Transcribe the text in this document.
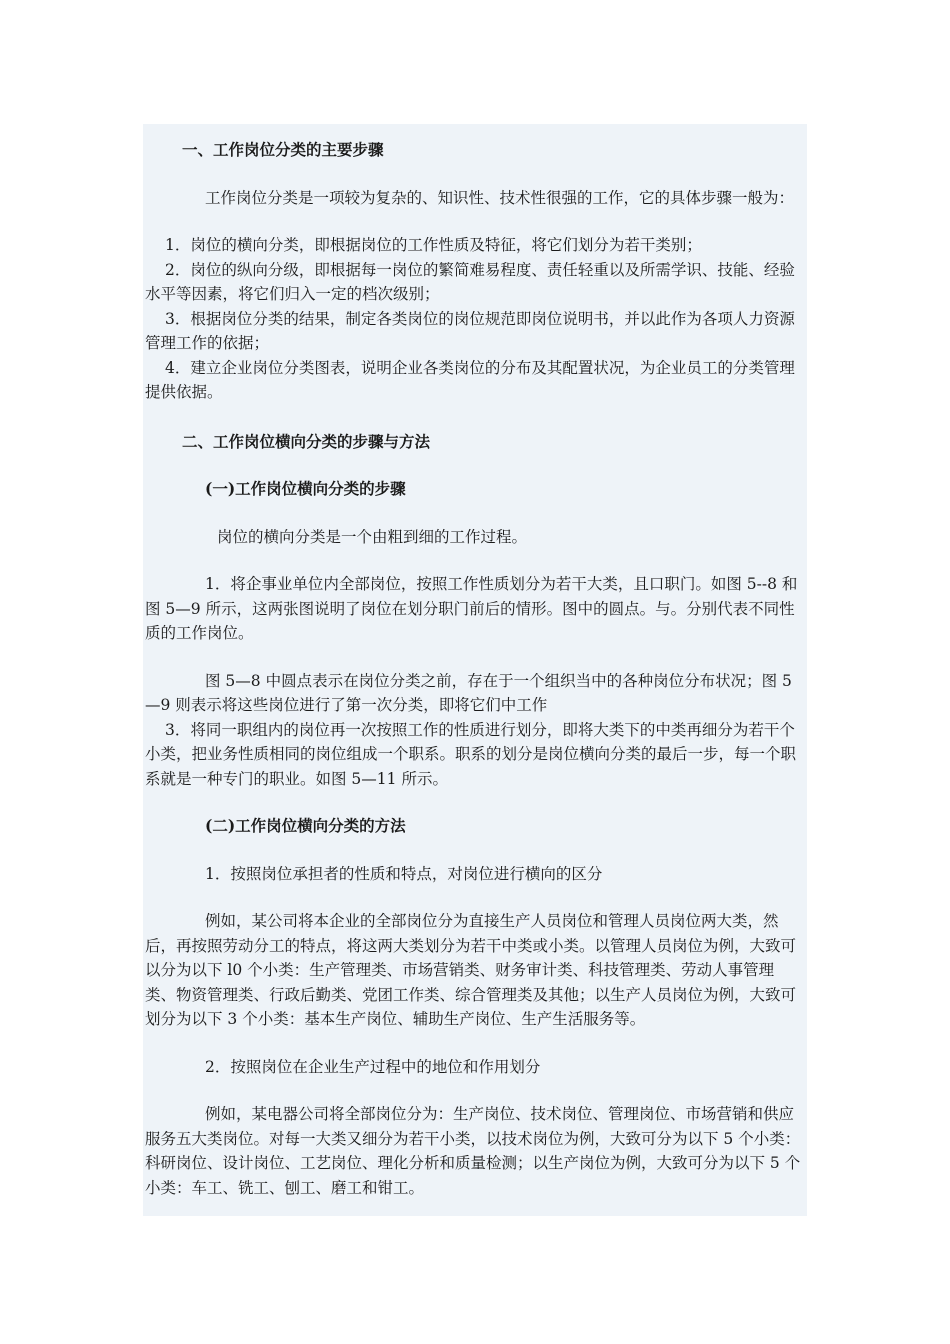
一、工作岗位分类的主要步骤

工作岗位分类是一项较为复杂的、知识性、技术性很强的工作，它的具体步骤一般为：

1．岗位的横向分类，即根据岗位的工作性质及特征，将它们划分为若干类别；

2．岗位的纵向分级，即根据每一岗位的繁简难易程度、责任轻重以及所需学识、技能、经验水平等因素，将它们归入一定的档次级别；

3．根据岗位分类的结果，制定各类岗位的岗位规范即岗位说明书，并以此作为各项人力资源管理工作的依据；

4．建立企业岗位分类图表，说明企业各类岗位的分布及其配置状况，为企业员工的分类管理提供依据。

二、工作岗位横向分类的步骤与方法

(一)工作岗位横向分类的步骤

岗位的横向分类是一个由粗到细的工作过程。

1．将企事业单位内全部岗位，按照工作性质划分为若干大类，且口职门。如图 5--8 和图 5—9 所示，这两张图说明了岗位在划分职门前后的情形。图中的圆点。与。分别代表不同性质的工作岗位。

图 5—8 中圆点表示在岗位分类之前，存在于一个组织当中的各种岗位分布状况；图 5—9 则表示将这些岗位进行了第一次分类，即将它们中工作

3．将同一职组内的岗位再一次按照工作的性质进行划分，即将大类下的中类再细分为若干个小类，把业务性质相同的岗位组成一个职系。职系的划分是岗位横向分类的最后一步，每一个职系就是一种专门的职业。如图 5—11 所示。

(二)工作岗位横向分类的方法

1．按照岗位承担者的性质和特点，对岗位进行横向的区分

例如，某公司将本企业的全部岗位分为直接生产人员岗位和管理人员岗位两大类，然后，再按照劳动分工的特点，将这两大类划分为若干中类或小类。以管理人员岗位为例，大致可以分为以下 l0 个小类：生产管理类、市场营销类、财务审计类、科技管理类、劳动人事管理类、物资管理类、行政后勤类、党团工作类、综合管理类及其他；以生产人员岗位为例，大致可划分为以下 3 个小类：基本生产岗位、辅助生产岗位、生产生活服务等。

2．按照岗位在企业生产过程中的地位和作用划分

例如，某电器公司将全部岗位分为：生产岗位、技术岗位、管理岗位、市场营销和供应服务五大类岗位。对每一大类又细分为若干小类，以技术岗位为例，大致可分为以下 5 个小类：科研岗位、设计岗位、工艺岗位、理化分析和质量检测；以生产岗位为例，大致可分为以下 5 个小类：车工、铣工、刨工、磨工和钳工。
